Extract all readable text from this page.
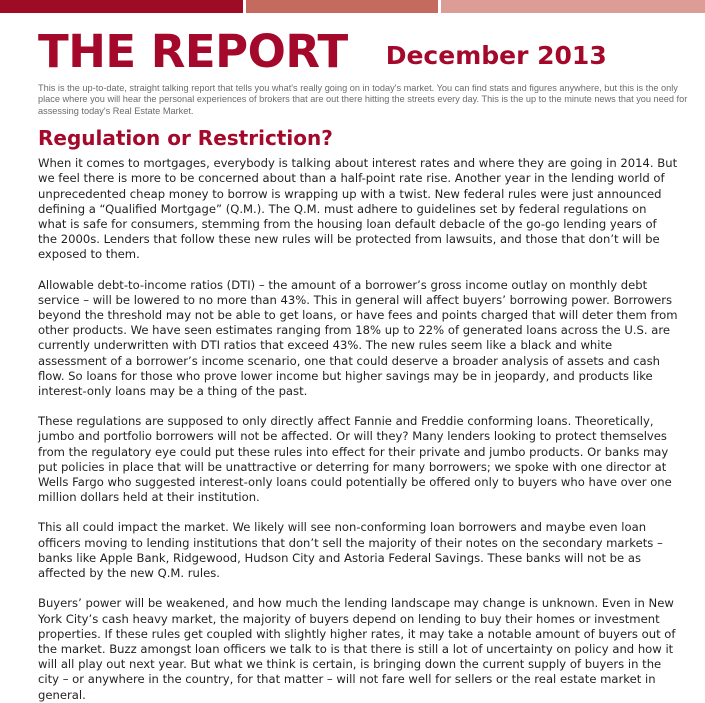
THE REPORT December 2013
This is the up-to-date, straight talking report that tells you what's really going on in today's market. You can find stats and figures anywhere, but this is the only place where you will hear the personal experiences of brokers that are out there hitting the streets every day. This is the up to the minute news that you need for assessing today's Real Estate Market.
Regulation or Restriction?

When it comes to mortgages, everybody is talking about interest rates and where they are going in 2014. But we feel there is more to be concerned about than a half-point rate rise. Another year in the lending world of unprecedented cheap money to borrow is wrapping up with a twist. New federal rules were just announced defining a “Qualified Mortgage” (Q.M.). The Q.M. must adhere to guidelines set by federal regulations on what is safe for consumers, stemming from the housing loan default debacle of the go-go lending years of the 2000s. Lenders that follow these new rules will be protected from lawsuits, and those that don’t will be exposed to them.

Allowable debt-to-income ratios (DTI) – the amount of a borrower’s gross income outlay on monthly debt service – will be lowered to no more than 43%. This in general will affect buyers’ borrowing power. Borrowers beyond the threshold may not be able to get loans, or have fees and points charged that will deter them from other products. We have seen estimates ranging from 18% up to 22% of generated loans across the U.S. are currently underwritten with DTI ratios that exceed 43%. The new rules seem like a black and white assessment of a borrower’s income scenario, one that could deserve a broader analysis of assets and cash flow. So loans for those who prove lower income but higher savings may be in jeopardy, and products like interest-only loans may be a thing of the past.

These regulations are supposed to only directly affect Fannie and Freddie conforming loans. Theoretically, jumbo and portfolio borrowers will not be affected. Or will they? Many lenders looking to protect themselves from the regulatory eye could put these rules into effect for their private and jumbo products. Or banks may put policies in place that will be unattractive or deterring for many borrowers; we spoke with one director at Wells Fargo who suggested interest-only loans could potentially be offered only to buyers who have over one million dollars held at their institution.

This all could impact the market. We likely will see non-conforming loan borrowers and maybe even loan officers moving to lending institutions that don’t sell the majority of their notes on the secondary markets – banks like Apple Bank, Ridgewood, Hudson City and Astoria Federal Savings. These banks will not be as affected by the new Q.M. rules.

Buyers’ power will be weakened, and how much the lending landscape may change is unknown. Even in New York City’s cash heavy market, the majority of buyers depend on lending to buy their homes or investment properties. If these rules get coupled with slightly higher rates, it may take a notable amount of buyers out of the market. Buzz amongst loan officers we talk to is that there is still a lot of uncertainty on policy and how it will all play out next year. But what we think is certain, is bringing down the current supply of buyers in the city – or anywhere in the country, for that matter – will not fare well for sellers or the real estate market in general.
